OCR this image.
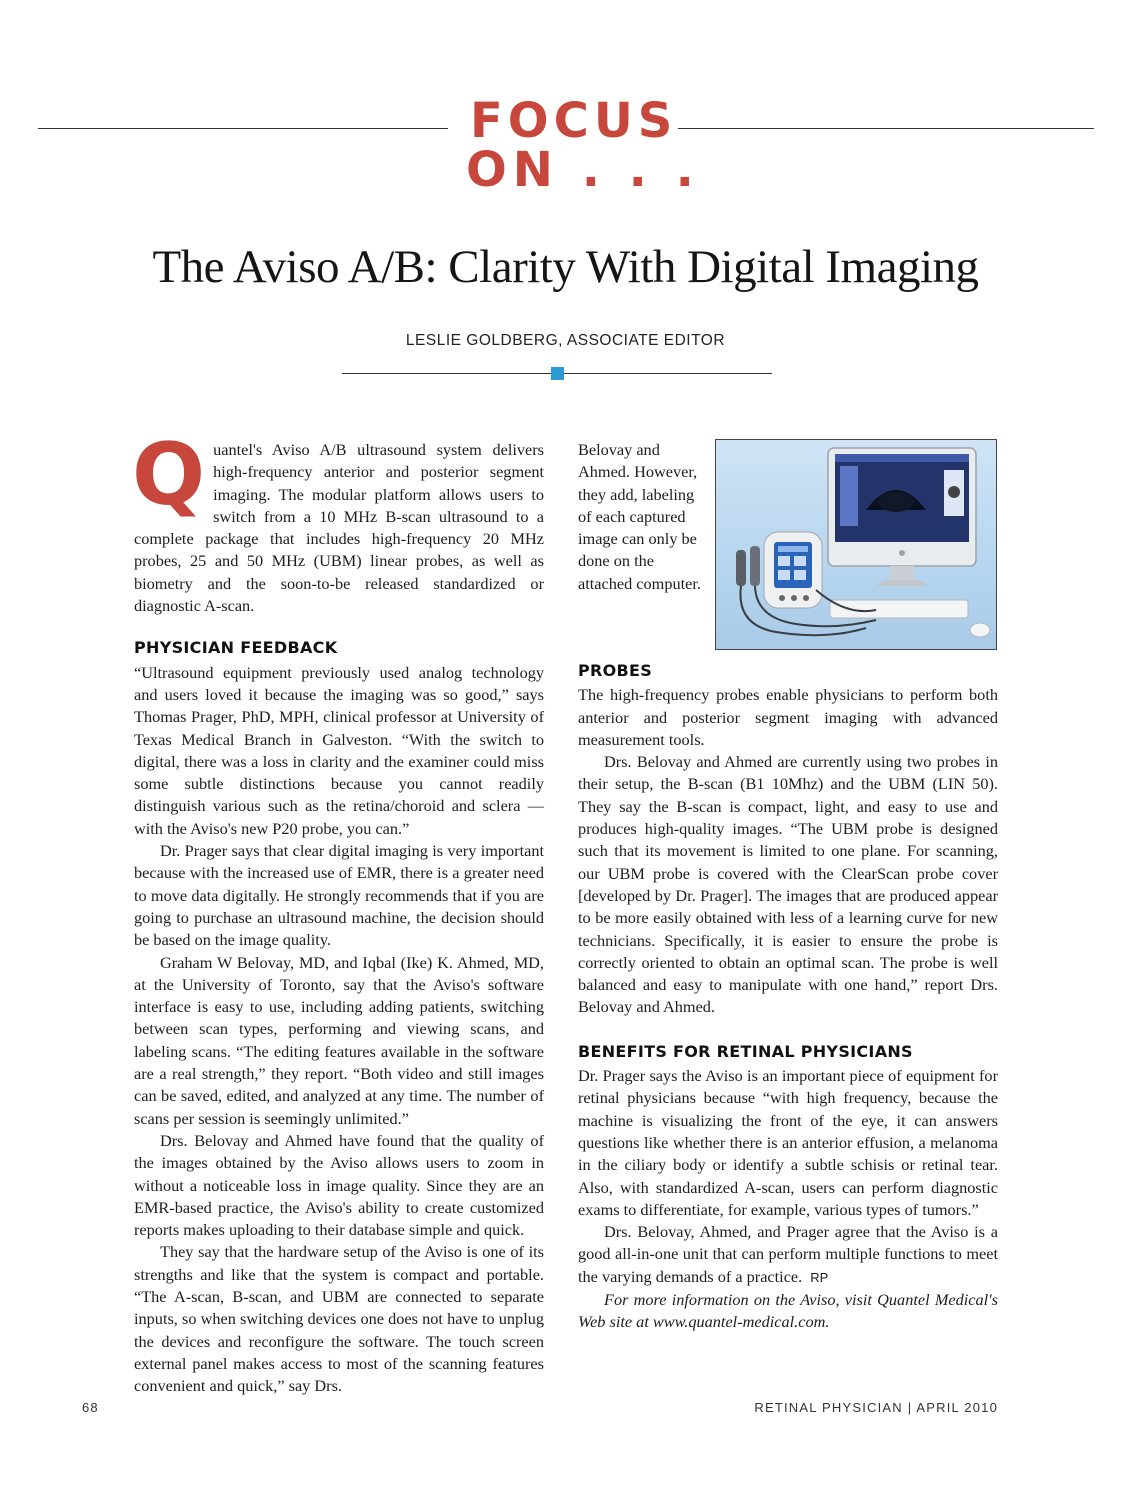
FOCUS
ON . . .
The Aviso A/B: Clarity With Digital Imaging
LESLIE GOLDBERG, ASSOCIATE EDITOR

Quantel's Aviso A/B ultrasound system delivers high-frequency anterior and posterior segment imaging. The modular platform allows users to switch from a 10 MHz B-scan ultrasound to a complete package that includes high-frequency 20 MHz probes, 25 and 50 MHz (UBM) linear probes, as well as biometry and the soon-to-be released standardized or diagnostic A-scan.

PHYSICIAN FEEDBACK

“Ultrasound equipment previously used analog technology and users loved it because the imaging was so good,” says Thomas Prager, PhD, MPH, clinical professor at University of Texas Medical Branch in Galveston. “With the switch to digital, there was a loss in clarity and the examiner could miss some subtle distinctions because you cannot readily distinguish various such as the retina/choroid and sclera — with the Aviso's new P20 probe, you can.”

Dr. Prager says that clear digital imaging is very important because with the increased use of EMR, there is a greater need to move data digitally. He strongly recommends that if you are going to purchase an ultrasound machine, the decision should be based on the image quality.

Graham W Belovay, MD, and Iqbal (Ike) K. Ahmed, MD, at the University of Toronto, say that the Aviso's software interface is easy to use, including adding patients, switching between scan types, performing and viewing scans, and labeling scans. “The editing features available in the software are a real strength,” they report. “Both video and still images can be saved, edited, and analyzed at any time. The number of scans per session is seemingly unlimited.”

Drs. Belovay and Ahmed have found that the quality of the images obtained by the Aviso allows users to zoom in without a noticeable loss in image quality. Since they are an EMR-based practice, the Aviso's ability to create customized reports makes uploading to their database simple and quick.

They say that the hardware setup of the Aviso is one of its strengths and like that the system is compact and portable. “The A-scan, B-scan, and UBM are connected to separate inputs, so when switching devices one does not have to unplug the devices and reconfigure the software. The touch screen external panel makes access to most of the scanning features convenient and quick,” say Drs.

Belovay and Ahmed. However, they add, labeling of each captured image can only be done on the attached computer.

PROBES

The high-frequency probes enable physicians to perform both anterior and posterior segment imaging with advanced measurement tools.

Drs. Belovay and Ahmed are currently using two probes in their setup, the B-scan (B1 10Mhz) and the UBM (LIN 50). They say the B-scan is compact, light, and easy to use and produces high-quality images. “The UBM probe is designed such that its movement is limited to one plane. For scanning, our UBM probe is covered with the ClearScan probe cover [developed by Dr. Prager]. The images that are produced appear to be more easily obtained with less of a learning curve for new technicians. Specifically, it is easier to ensure the probe is correctly oriented to obtain an optimal scan. The probe is well balanced and easy to manipulate with one hand,” report Drs. Belovay and Ahmed.

BENEFITS FOR RETINAL PHYSICIANS

Dr. Prager says the Aviso is an important piece of equipment for retinal physicians because “with high frequency, because the machine is visualizing the front of the eye, it can answers questions like whether there is an anterior effusion, a melanoma in the ciliary body or identify a subtle schisis or retinal tear. Also, with standardized A-scan, users can perform diagnostic exams to differentiate, for example, various types of tumors.”

Drs. Belovay, Ahmed, and Prager agree that the Aviso is a good all-in-one unit that can perform multiple functions to meet the varying demands of a practice. RP

For more information on the Aviso, visit Quantel Medical's Web site at www.quantel-medical.com.

68	RETINAL PHYSICIAN | APRIL 2010
